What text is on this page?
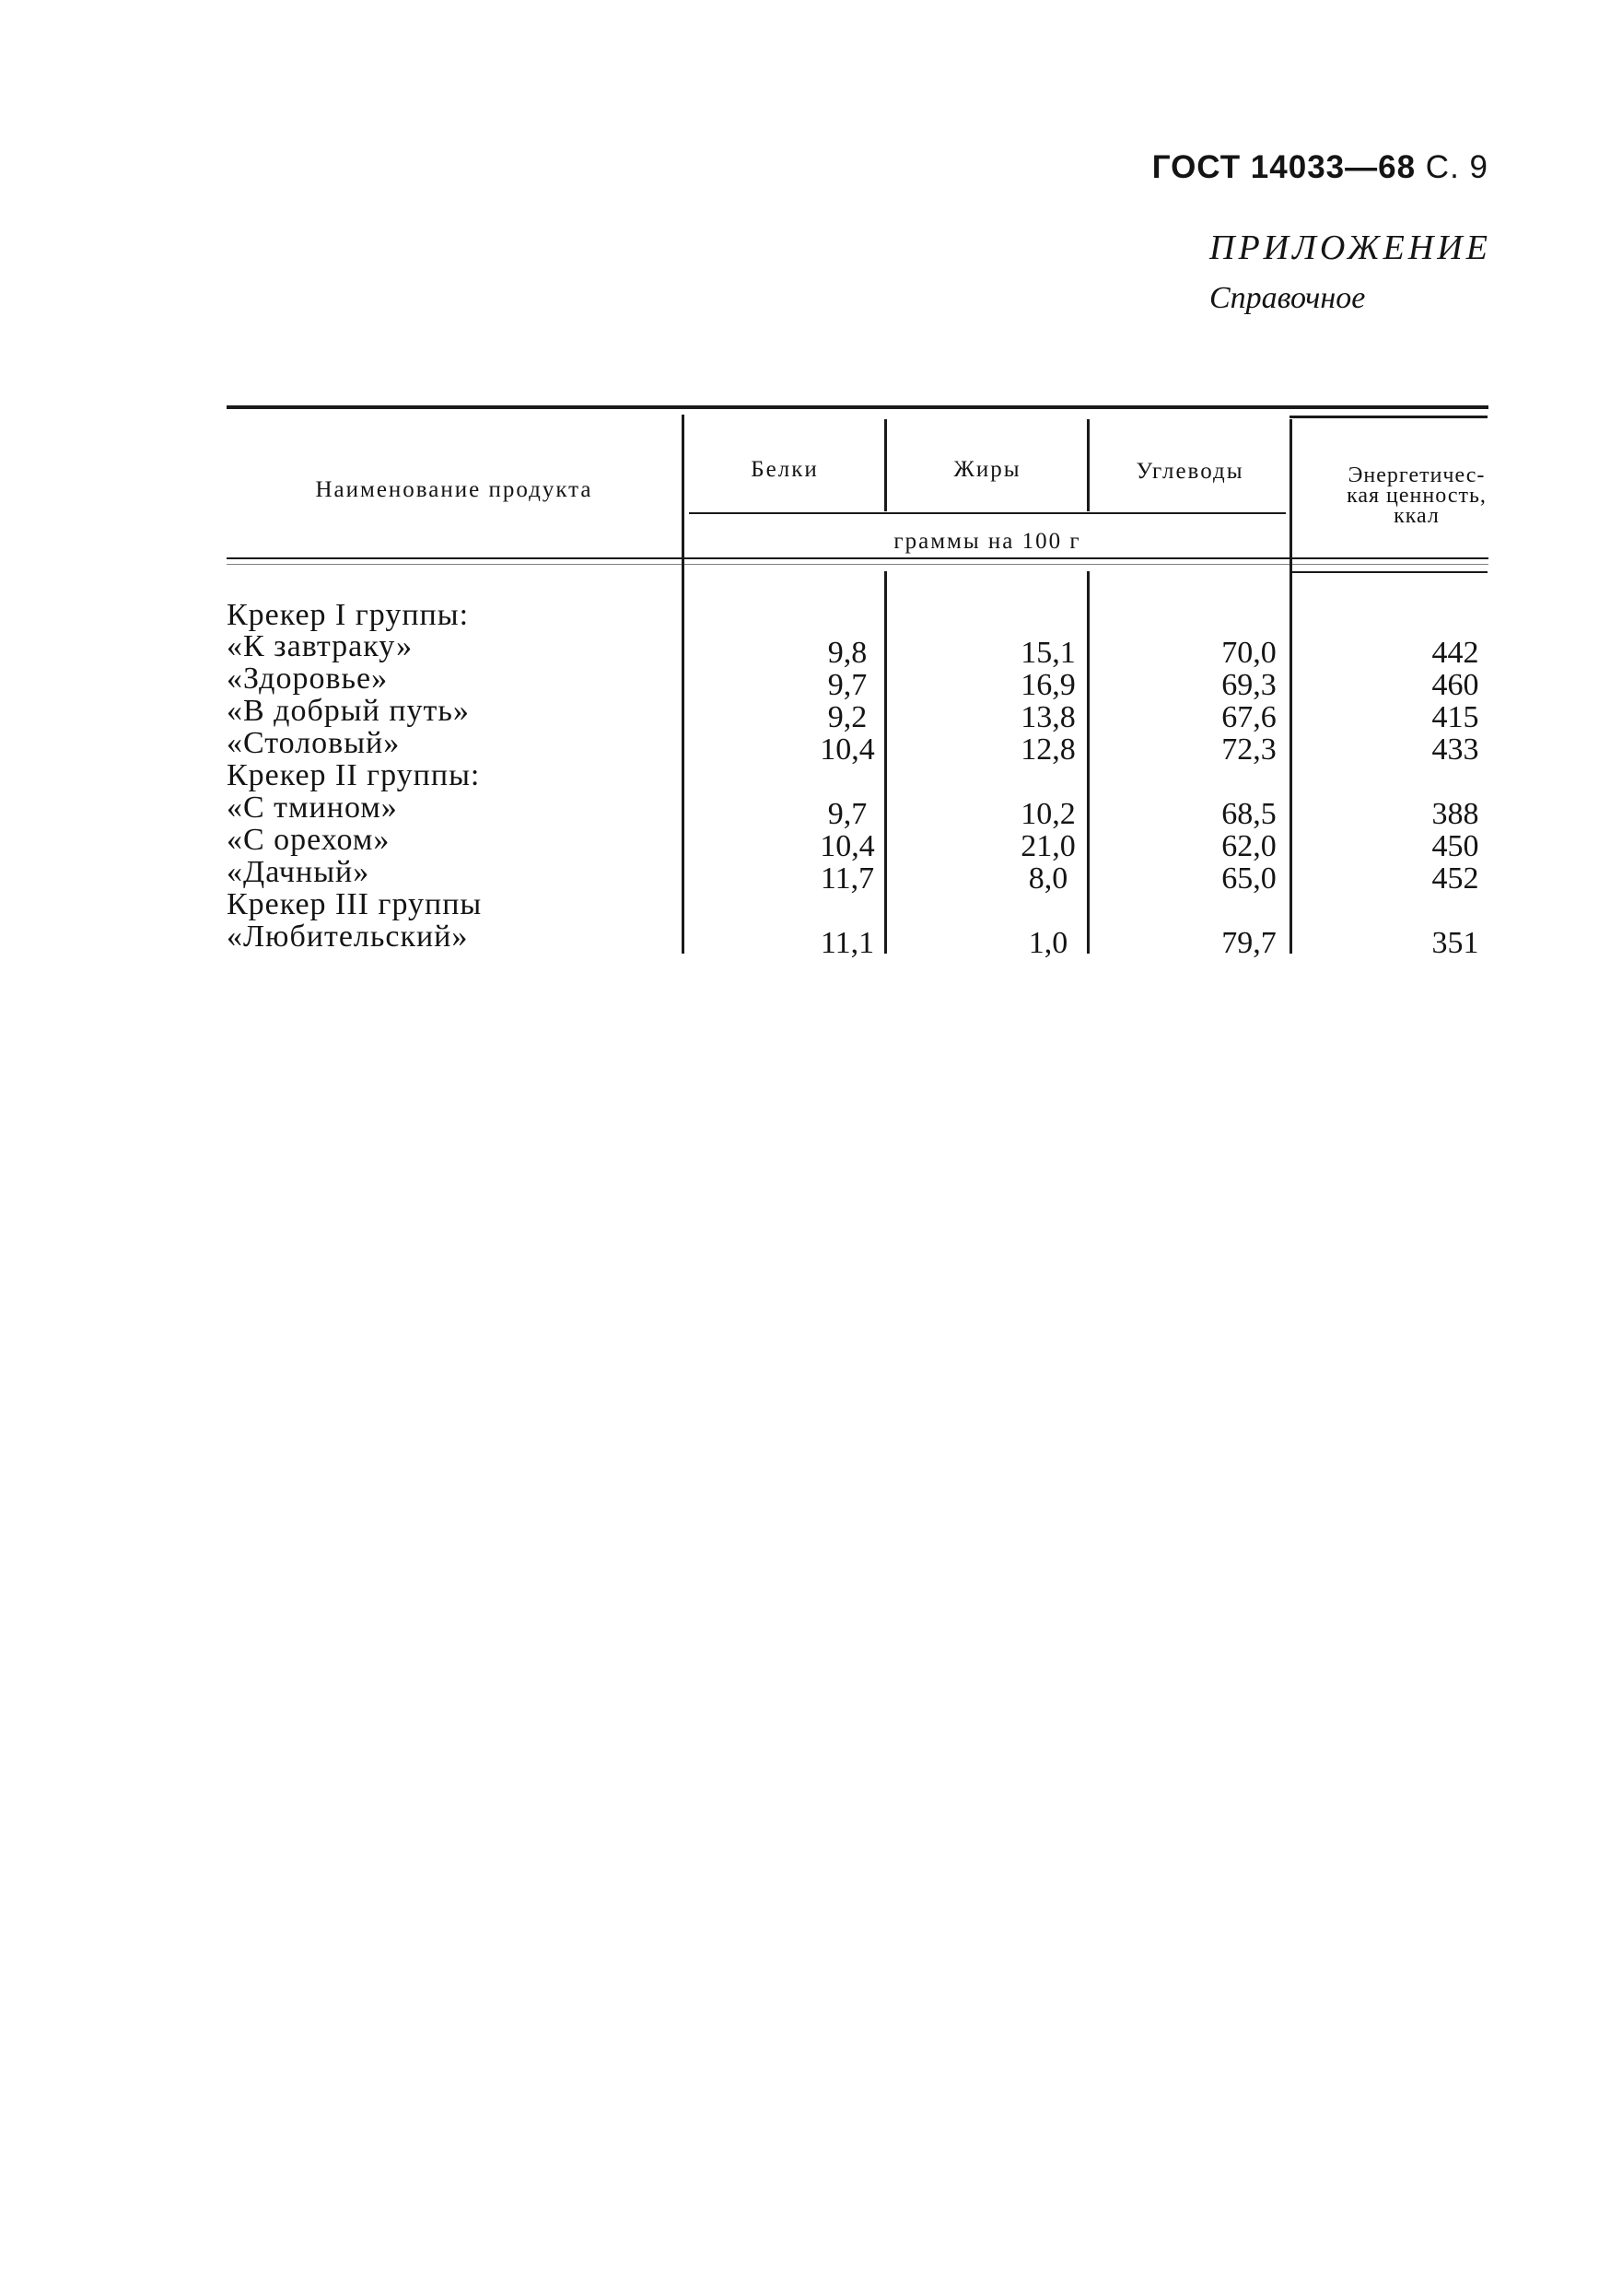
ГОСТ 14033—68 С. 9
ПРИЛОЖЕНИЕ
Справочное
Наименование продукта
Белки	Жиры	Углеводы	Энергетичес-
кая ценность,
ккал
граммы на 100 г
Крекер I группы:
«К завтраку»	9,8	15,1	70,0	442
«Здоровье»	9,7	16,9	69,3	460
«В добрый путь»	9,2	13,8	67,6	415
«Столовый»	10,4	12,8	72,3	433
Крекер II группы:
«С тмином»	9,7	10,2	68,5	388
«С орехом»	10,4	21,0	62,0	450
«Дачный»	11,7	8,0	65,0	452
Крекер III группы
«Любительский»	11,1	1,0	79,7	351
